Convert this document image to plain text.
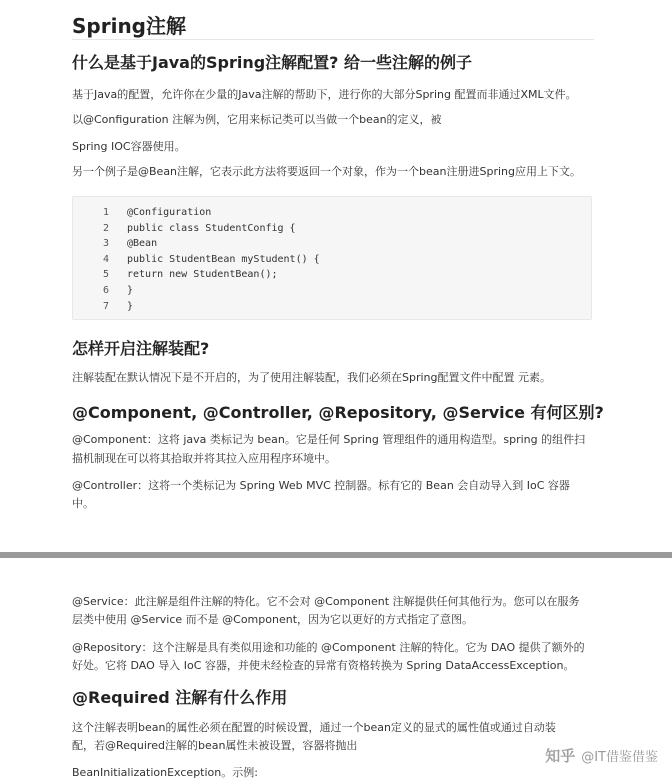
Spring注解
什么是基于Java的Spring注解配置? 给一些注解的例子

基于Java的配置，允许你在少量的Java注解的帮助下，进行你的大部分Spring 配置而非通过XML文件。

以@Configuration 注解为例，它用来标记类可以当做一个bean的定义，被

Spring IOC容器使用。

另一个例子是@Bean注解，它表示此方法将要返回一个对象，作为一个bean注册进Spring应用上下文。

1	@Configuration
2	public class StudentConfig {
3	@Bean
4	public StudentBean myStudent() {
5	return new StudentBean();
6	}
7	}
怎样开启注解装配?

注解装配在默认情况下是不开启的，为了使用注解装配，我们必须在Spring配置文件中配置 元素。

@Component, @Controller, @Repository, @Service 有何区别?

@Component：这将 java 类标记为 bean。它是任何 Spring 管理组件的通用构造型。spring 的组件扫

描机制现在可以将其拾取并将其拉入应用程序环境中。

@Controller：这将一个类标记为 Spring Web MVC 控制器。标有它的 Bean 会自动导入到 IoC 容器

中。

@Service：此注解是组件注解的特化。它不会对 @Component 注解提供任何其他行为。您可以在服务

层类中使用 @Service 而不是 @Component，因为它以更好的方式指定了意图。

@Repository：这个注解是具有类似用途和功能的 @Component 注解的特化。它为 DAO 提供了额外的

好处。它将 DAO 导入 IoC 容器，并使未经检查的异常有资格转换为 Spring DataAccessException。

@Required 注解有什么作用

这个注解表明bean的属性必须在配置的时候设置，通过一个bean定义的显式的属性值或通过自动装

配，若@Required注解的bean属性未被设置，容器将抛出

BeanInitializationException。示例:

知乎 @IT借鉴借鉴
